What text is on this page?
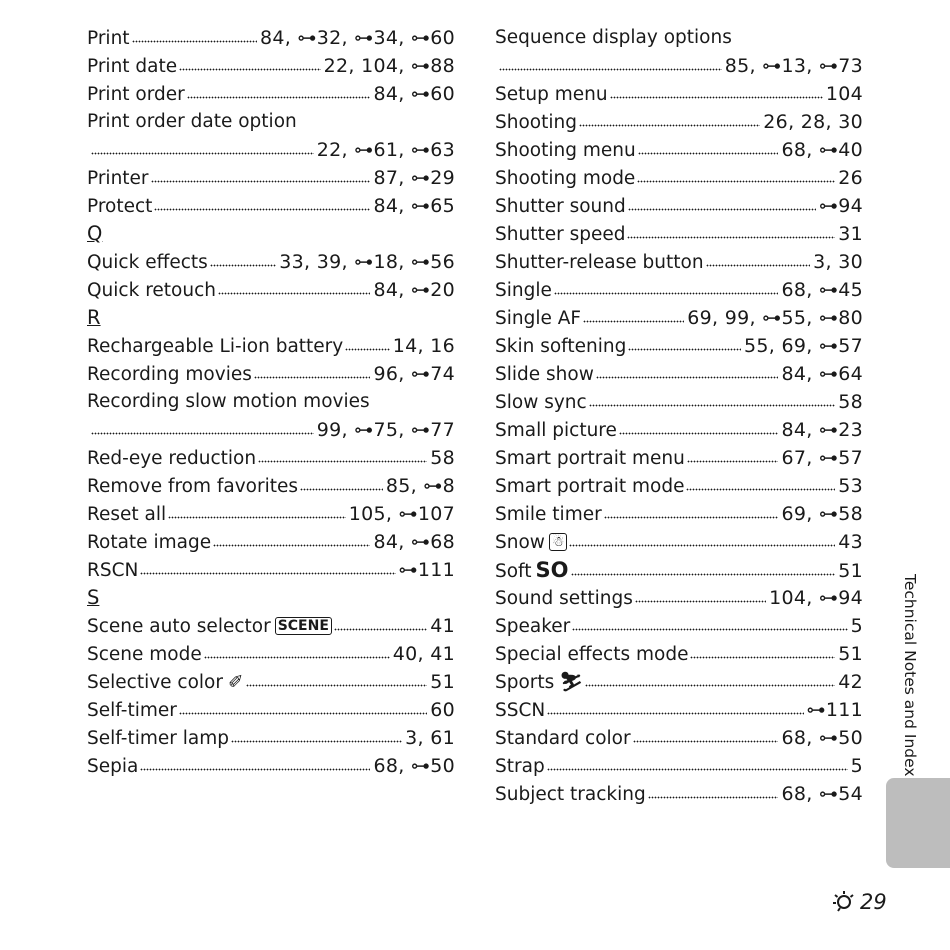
Print	84, ⊶32, ⊶34, ⊶60
Print date	22, 104, ⊶88
Print order	84, ⊶60
Print order date option
22, ⊶61, ⊶63
Printer	87, ⊶29
Protect	84, ⊶65
Q
Quick effects	33, 39, ⊶18, ⊶56
Quick retouch	84, ⊶20
R
Rechargeable Li-ion battery	14, 16
Recording movies	96, ⊶74
Recording slow motion movies
99, ⊶75, ⊶77
Red-eye reduction	58
Remove from favorites	85, ⊶8
Reset all	105, ⊶107
Rotate image	84, ⊶68
RSCN	⊶111
S
Scene auto selector SCENE	41
Scene mode	40, 41
Selective color ✐	51
Self-timer	60
Self-timer lamp	3, 61
Sepia	68, ⊶50
Sequence display options
85, ⊶13, ⊶73
Setup menu	104
Shooting	26, 28, 30
Shooting menu	68, ⊶40
Shooting mode	26
Shutter sound	⊶94
Shutter speed	31
Shutter-release button	3, 30
Single	68, ⊶45
Single AF	69, 99, ⊶55, ⊶80
Skin softening	55, 69, ⊶57
Slide show	84, ⊶64
Slow sync	58
Small picture	84, ⊶23
Smart portrait menu	67, ⊶57
Smart portrait mode	53
Smile timer	69, ⊶58
Snow ☃	43
Soft SO	51
Sound settings	104, ⊶94
Speaker	5
Special effects mode	51
Sports ⛷	42
SSCN	⊶111
Standard color	68, ⊶50
Strap	5
Subject tracking	68, ⊶54
Technical Notes and Index
29
